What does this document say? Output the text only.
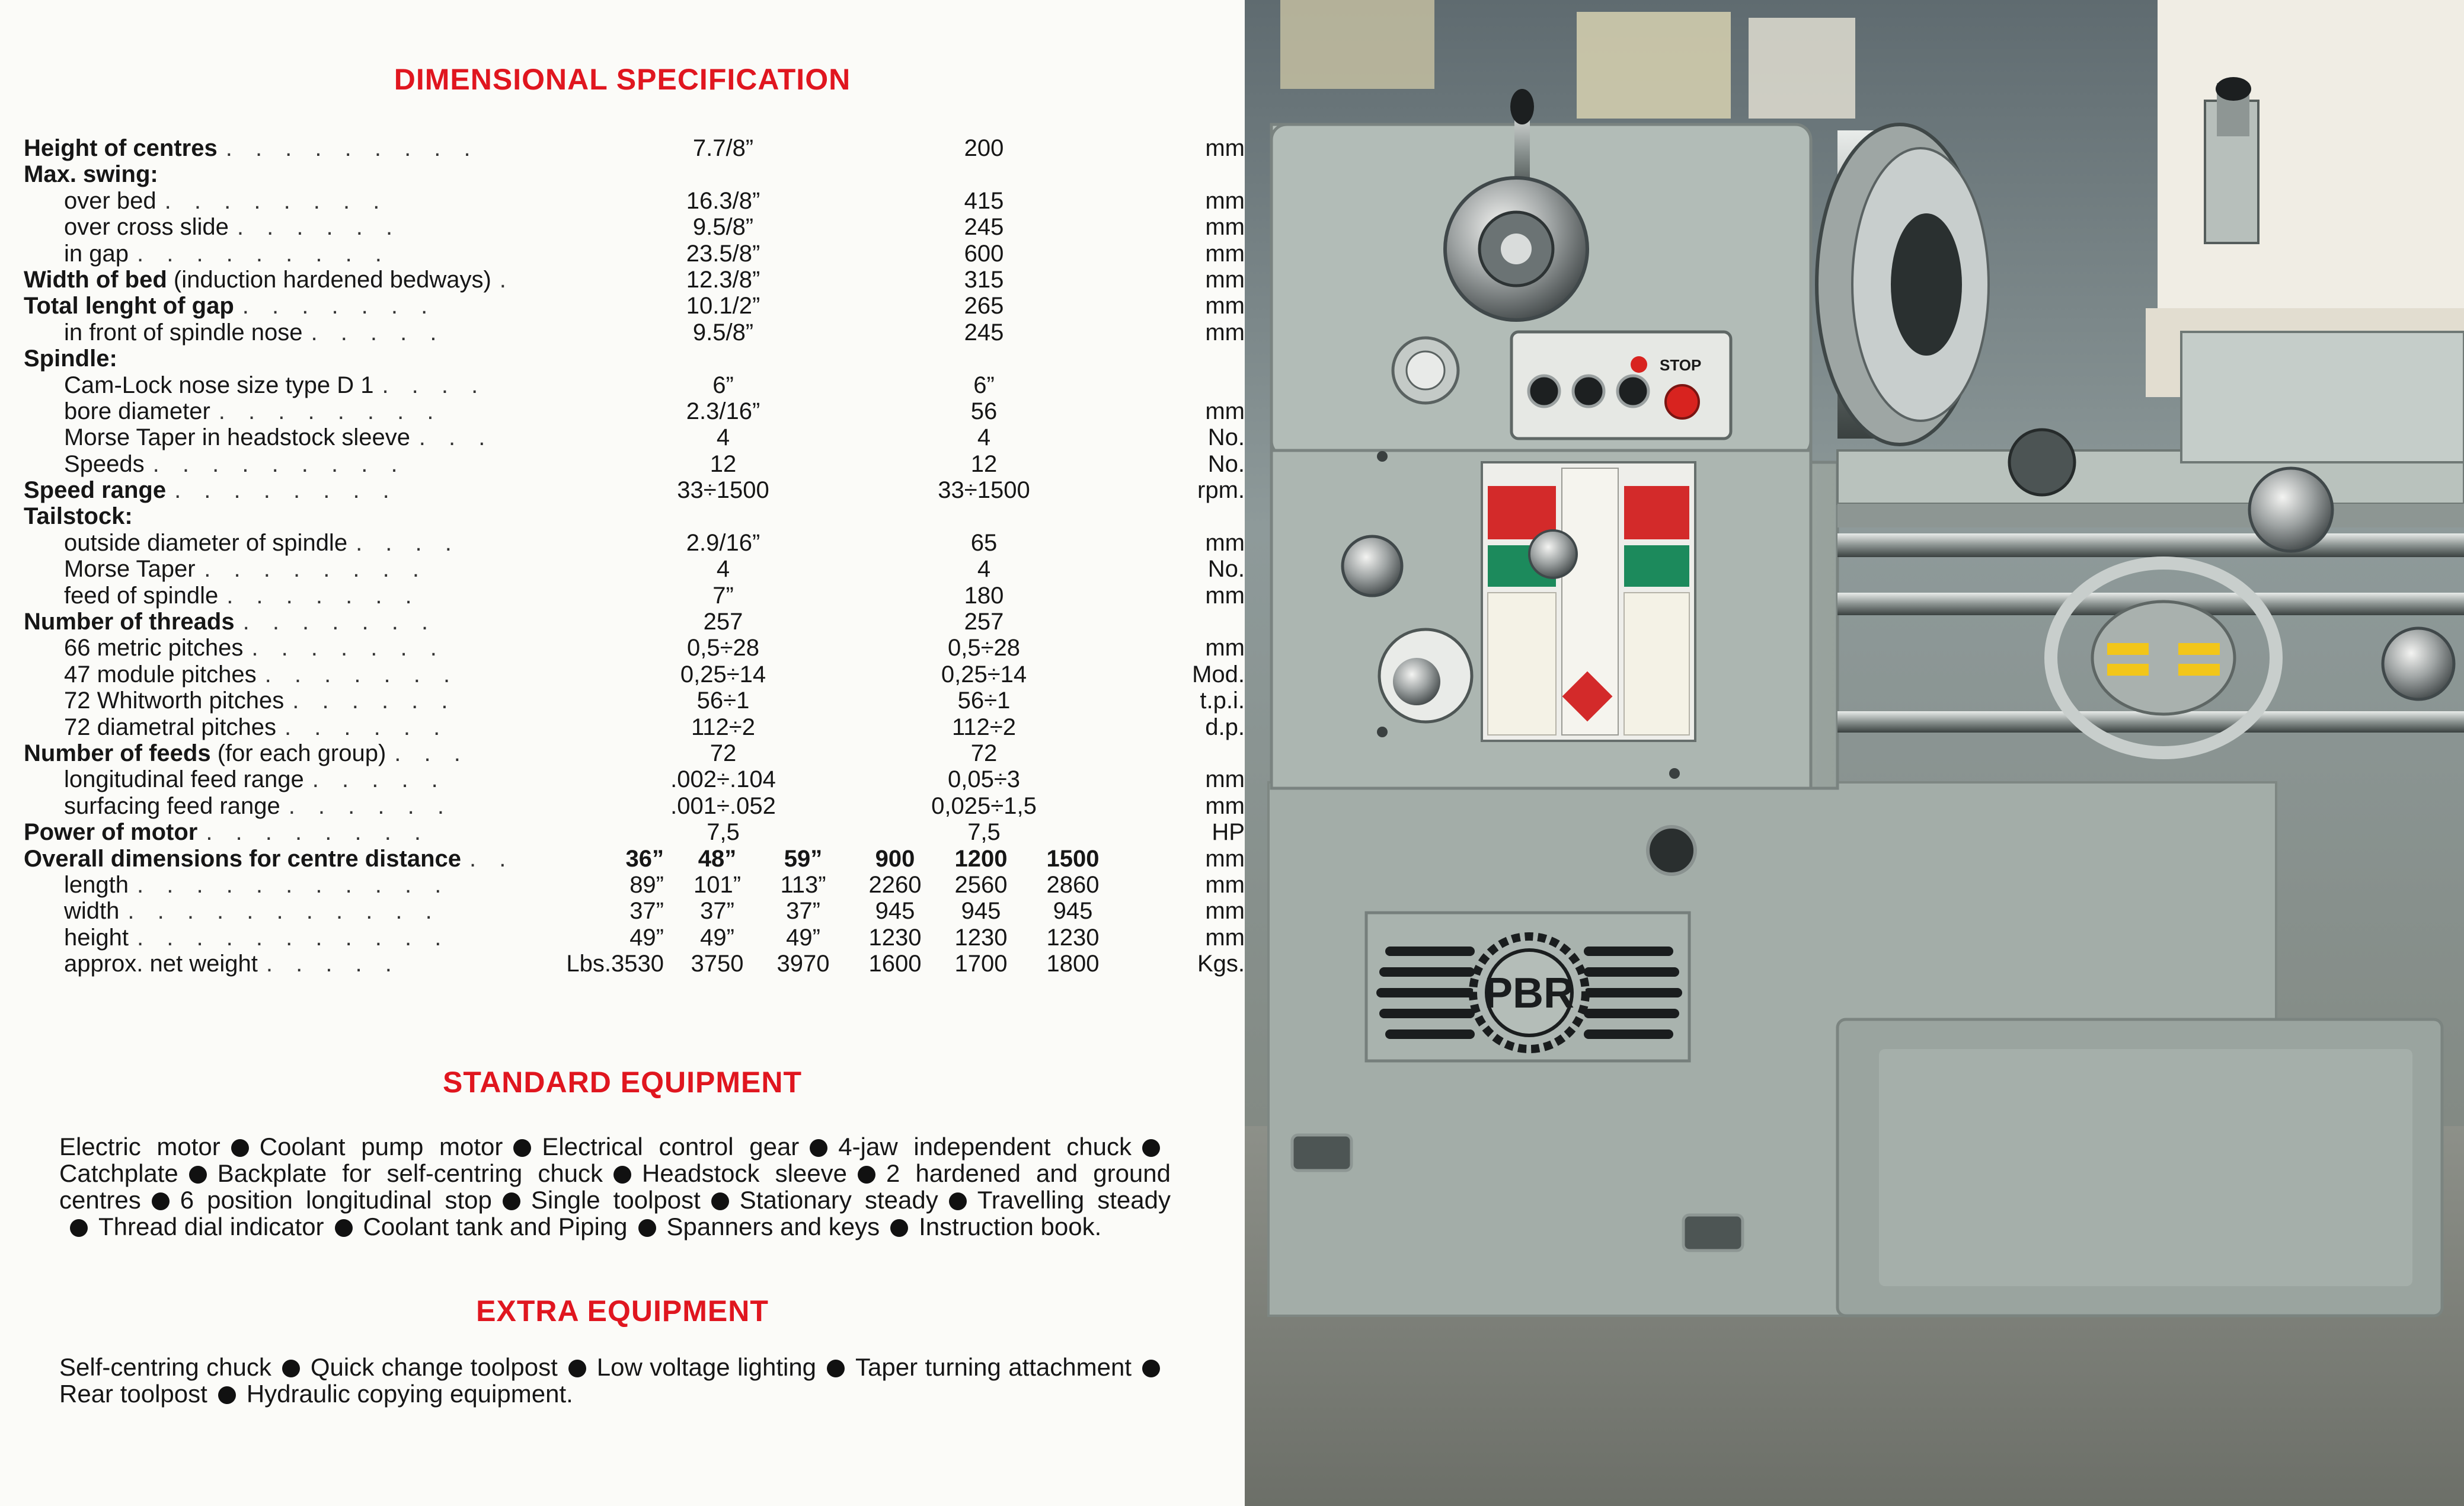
DIMENSIONAL SPECIFICATION
Height of centres . . . . . . . . .	7.7/8”	200	mm
Max. swing:
over bed . . . . . . . .	16.3/8”	415	mm
over cross slide . . . . . .	9.5/8”	245	mm
in gap . . . . . . . . .	23.5/8”	600	mm
Width of bed (induction hardened bedways) .	12.3/8”	315	mm
Total lenght of gap . . . . . . .	10.1/2”	265	mm
in front of spindle nose . . . . .	9.5/8”	245	mm
Spindle:
Cam-Lock nose size type D 1 . . . .	6”	6”
bore diameter . . . . . . . .	2.3/16”	56	mm
Morse Taper in headstock sleeve . . .	4	4	No.
Speeds . . . . . . . . .	12	12	No.
Speed range . . . . . . . .	33÷1500	33÷1500	rpm.
Tailstock:
outside diameter of spindle . . . .	2.9/16”	65	mm
Morse Taper . . . . . . . .	4	4	No.
feed of spindle . . . . . . .	7”	180	mm
Number of threads . . . . . . .	257	257
66 metric pitches . . . . . . .	0,5÷28	0,5÷28	mm
47 module pitches . . . . . . .	0,25÷14	0,25÷14	Mod.
72 Whitworth pitches . . . . . .	56÷1	56÷1	t.p.i.
72 diametral pitches . . . . . .	112÷2	112÷2	d.p.
Number of feeds (for each group) . . .	72	72
longitudinal feed range . . . . .	.002÷.104	0,05÷3	mm
surfacing feed range . . . . . .	.001÷.052	0,025÷1,5	mm
Power of motor . . . . . . . .	7,5	7,5	HP
Overall dimensions for centre distance . .	36”	48”	59”	900	1200	1500	mm
length . . . . . . . . . . .	89”	101”	113”	2260	2560	2860	mm
width . . . . . . . . . . .	37”	37”	37”	945	945	945	mm
height . . . . . . . . . . .	49”	49”	49”	1230	1230	1230	mm
approx. net weight . . . . .	Lbs.3530	3750	3970	1600	1700	1800	Kgs.
STANDARD EQUIPMENT
Electric motor Coolant pump motor Electrical control gear 4-jaw independent chuckCatchplate Backplate for self-centring chuck Headstock sleeve 2 hardened and ground centres 6 position longitudinal stop Single toolpost Stationary steady Travelling steadyThread dial indicator Coolant tank and Piping Spanners and keys Instruction book.
EXTRA EQUIPMENT
Self-centring chuck Quick change toolpost Low voltage lighting Taper turning attachmentRear toolpost Hydraulic copying equipment.
STOP
PBR
